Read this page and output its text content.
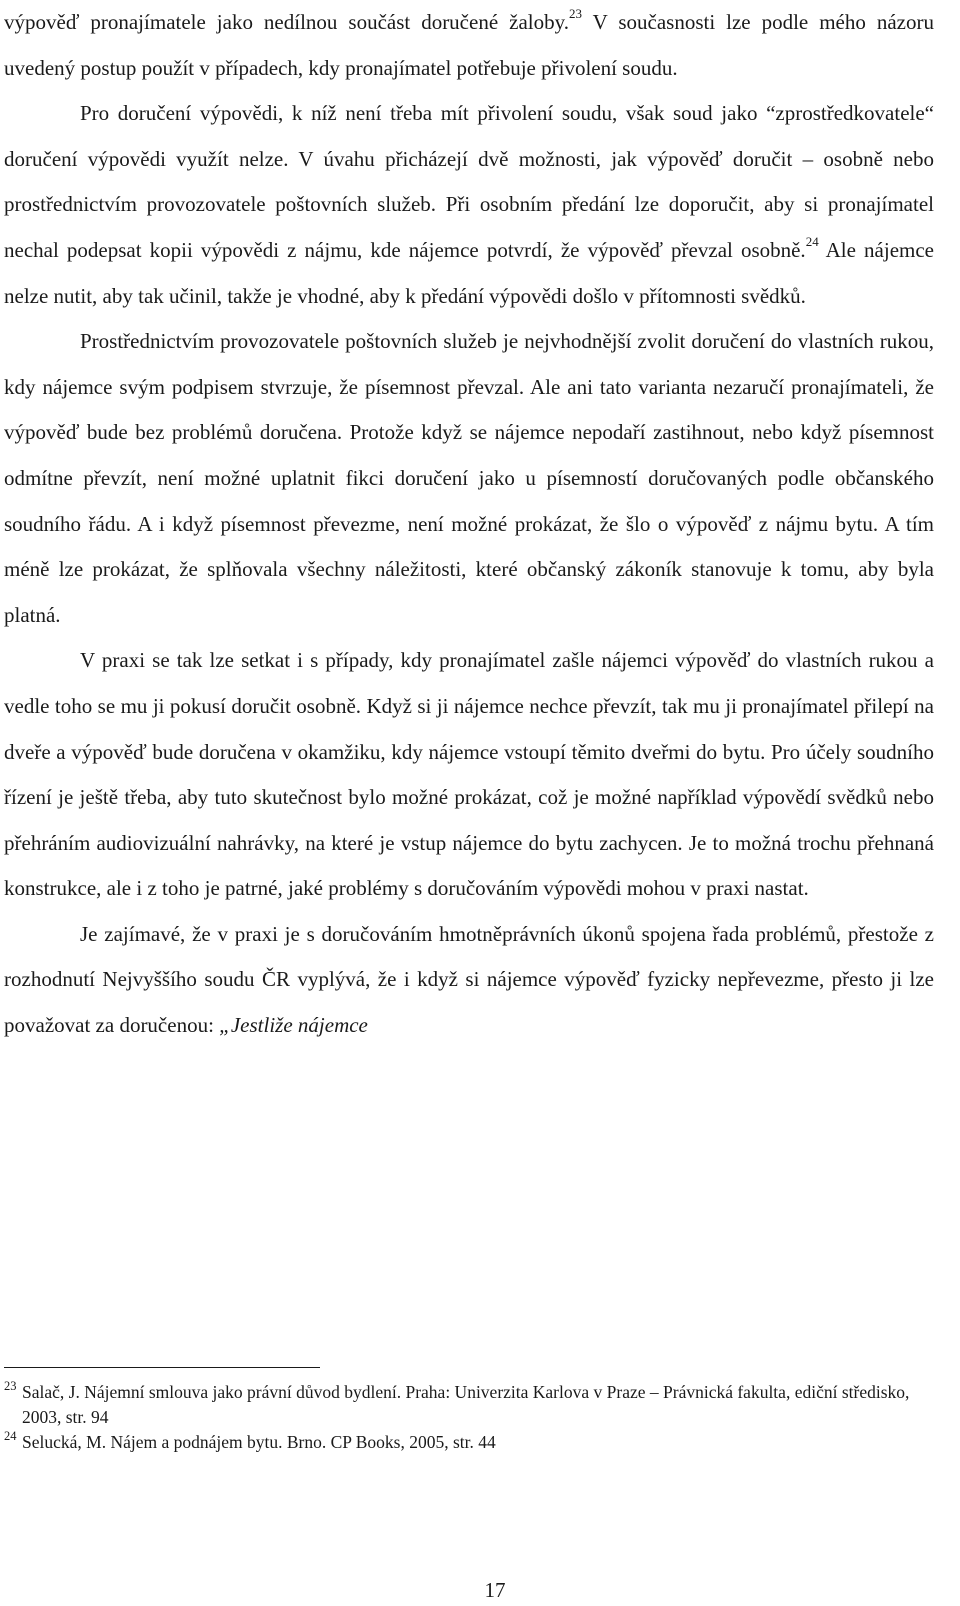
výpověď pronajímatele jako nedílnou součást doručené žaloby.$^{23}$ V současnosti lze podle mého názoru uvedený postup použít v případech, kdy pronajímatel potřebuje přivolení soudu.

Pro doručení výpovědi, k níž není třeba mít přivolení soudu, však soud jako “zprostředkovatele“ doručení výpovědi využít nelze. V úvahu přicházejí dvě možnosti, jak výpověď doručit – osobně nebo prostřednictvím provozovatele poštovních služeb. Při osobním předání lze doporučit, aby si pronajímatel nechal podepsat kopii výpovědi z nájmu, kde nájemce potvrdí, že výpověď převzal osobně.$^{24}$ Ale nájemce nelze nutit, aby tak učinil, takže je vhodné, aby k předání výpovědi došlo v přítomnosti svědků.

Prostřednictvím provozovatele poštovních služeb je nejvhodnější zvolit doručení do vlastních rukou, kdy nájemce svým podpisem stvrzuje, že písemnost převzal. Ale ani tato varianta nezaručí pronajímateli, že výpověď bude bez problémů doručena. Protože když se nájemce nepodaří zastihnout, nebo když písemnost odmítne převzít, není možné uplatnit fikci doručení jako u písemností doručovaných podle občanského soudního řádu. A i když písemnost převezme, není možné prokázat, že šlo o výpověď z nájmu bytu. A tím méně lze prokázat, že splňovala všechny náležitosti, které občanský zákoník stanovuje k tomu, aby byla platná.

V praxi se tak lze setkat i s případy, kdy pronajímatel zašle nájemci výpověď do vlastních rukou a vedle toho se mu ji pokusí doručit osobně. Když si ji nájemce nechce převzít, tak mu ji pronajímatel přilepí na dveře a výpověď bude doručena v okamžiku, kdy nájemce vstoupí těmito dveřmi do bytu. Pro účely soudního řízení je ještě třeba, aby tuto skutečnost bylo možné prokázat, což je možné například výpovědí svědků nebo přehráním audiovizuální nahrávky, na které je vstup nájemce do bytu zachycen. Je to možná trochu přehnaná konstrukce, ale i z toho je patrné, jaké problémy s doručováním výpovědi mohou v praxi nastat.

Je zajímavé, že v praxi je s doručováním hmotněprávních úkonů spojena řada problémů, přestože z rozhodnutí Nejvyššího soudu ČR vyplývá, že i když si nájemce výpověď fyzicky nepřevezme, přesto ji lze považovat za doručenou: „Jestliže nájemce

23 Salač, J. Nájemní smlouva jako právní důvod bydlení. Praha: Univerzita Karlova v Praze – Právnická fakulta, ediční středisko, 2003, str. 94

24 Selucká, M. Nájem a podnájem bytu. Brno. CP Books, 2005, str. 44

17
